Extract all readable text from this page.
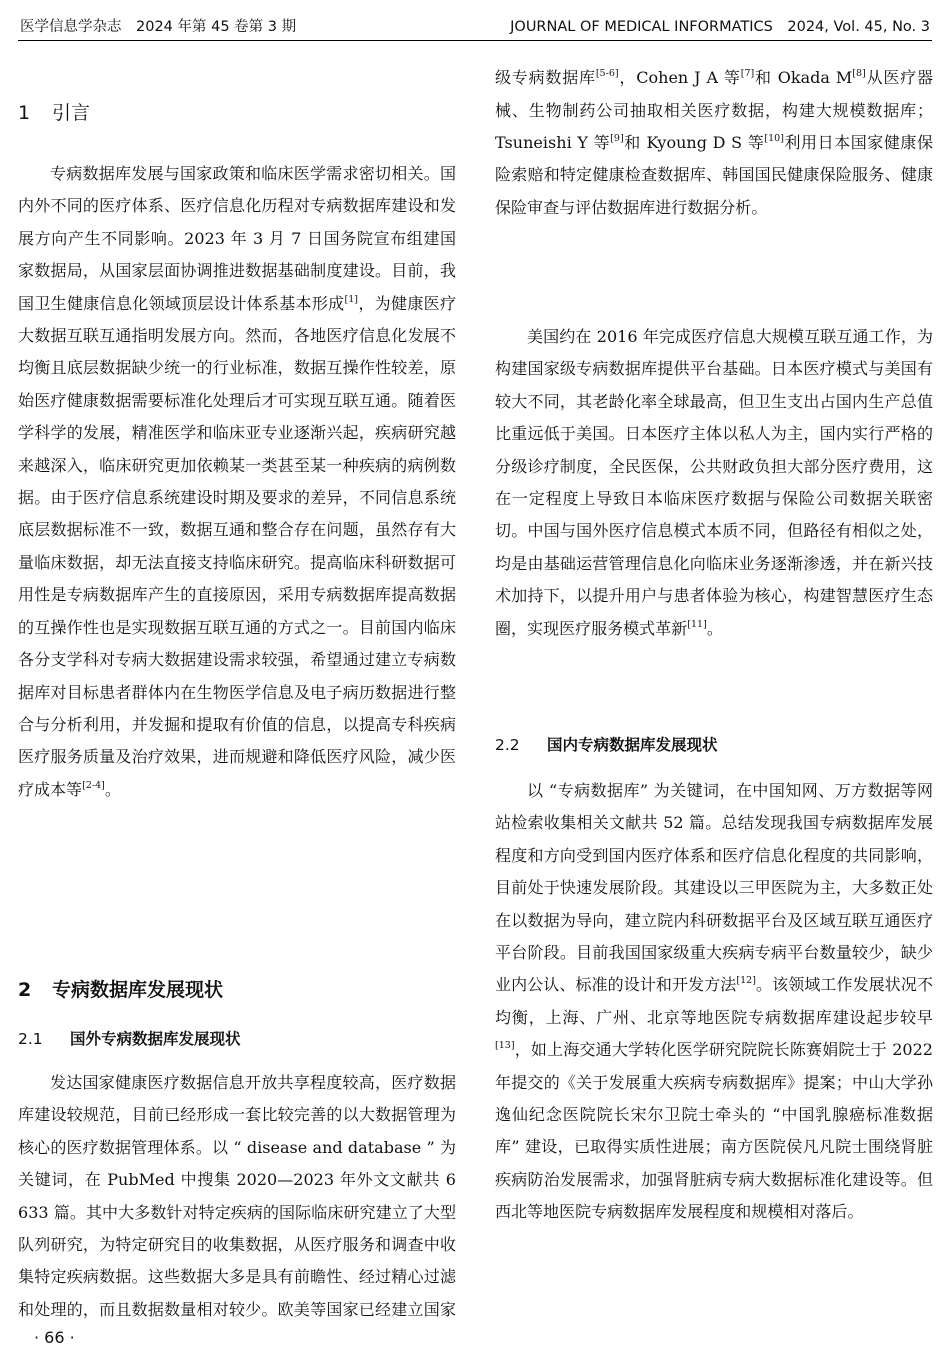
医学信息学杂志　2024 年第 45 卷第 3 期	JOURNAL OF MEDICAL INFORMATICS　2024, Vol. 45, No. 3
1 引言

专病数据库发展与国家政策和临床医学需求密切相关。国内外不同的医疗体系、医疗信息化历程对专病数据库建设和发展方向产生不同影响。2023 年 3 月 7 日国务院宣布组建国家数据局，从国家层面协调推进数据基础制度建设。目前，我国卫生健康信息化领域顶层设计体系基本形成[1]，为健康医疗大数据互联互通指明发展方向。然而，各地医疗信息化发展不均衡且底层数据缺少统一的行业标准，数据互操作性较差，原始医疗健康数据需要标准化处理后才可实现互联互通。随着医学科学的发展，精准医学和临床亚专业逐渐兴起，疾病研究越来越深入，临床研究更加依赖某一类甚至某一种疾病的病例数据。由于医疗信息系统建设时期及要求的差异，不同信息系统底层数据标准不一致，数据互通和整合存在问题，虽然存有大量临床数据，却无法直接支持临床研究。提高临床科研数据可用性是专病数据库产生的直接原因，采用专病数据库提高数据的互操作性也是实现数据互联互通的方式之一。目前国内临床各分支学科对专病大数据建设需求较强，希望通过建立专病数据库对目标患者群体内在生物医学信息及电子病历数据进行整合与分析利用，并发掘和提取有价值的信息，以提高专科疾病医疗服务质量及治疗效果，进而规避和降低医疗风险，减少医疗成本等[2-4]。

2 专病数据库发展现状
2.1 国外专病数据库发展现状

发达国家健康医疗数据信息开放共享程度较高，医疗数据库建设较规范，目前已经形成一套比较完善的以大数据管理为核心的医疗数据管理体系。以 “ disease and database ” 为关键词，在 PubMed 中搜集 2020—2023 年外文文献共 6 633 篇。其中大多数针对特定疾病的国际临床研究建立了大型队列研究，为特定研究目的收集数据，从医疗服务和调查中收集特定疾病数据。这些数据大多是具有前瞻性、经过精心过滤和处理的，而且数据数量相对较少。欧美等国家已经建立国家

级专病数据库[5-6]，Cohen J A 等[7]和 Okada M[8]从医疗器械、生物制药公司抽取相关医疗数据，构建大规模数据库；Tsuneishi Y 等[9]和 Kyoung D S 等[10]利用日本国家健康保险索赔和特定健康检查数据库、韩国国民健康保险服务、健康保险审查与评估数据库进行数据分析。

美国约在 2016 年完成医疗信息大规模互联互通工作，为构建国家级专病数据库提供平台基础。日本医疗模式与美国有较大不同，其老龄化率全球最高，但卫生支出占国内生产总值比重远低于美国。日本医疗主体以私人为主，国内实行严格的分级诊疗制度，全民医保，公共财政负担大部分医疗费用，这在一定程度上导致日本临床医疗数据与保险公司数据关联密切。中国与国外医疗信息模式本质不同，但路径有相似之处，均是由基础运营管理信息化向临床业务逐渐渗透，并在新兴技术加持下，以提升用户与患者体验为核心，构建智慧医疗生态圈，实现医疗服务模式革新[11]。

2.2 国内专病数据库发展现状

以 “专病数据库” 为关键词，在中国知网、万方数据等网站检索收集相关文献共 52 篇。总结发现我国专病数据库发展程度和方向受到国内医疗体系和医疗信息化程度的共同影响，目前处于快速发展阶段。其建设以三甲医院为主，大多数正处在以数据为导向，建立院内科研数据平台及区域互联互通医疗平台阶段。目前我国国家级重大疾病专病平台数量较少，缺少业内公认、标准的设计和开发方法[12]。该领域工作发展状况不均衡，上海、广州、北京等地医院专病数据库建设起步较早[13]，如上海交通大学转化医学研究院院长陈赛娟院士于 2022 年提交的《关于发展重大疾病专病数据库》提案；中山大学孙逸仙纪念医院院长宋尔卫院士牵头的 “中国乳腺癌标准数据库” 建设，已取得实质性进展；南方医院侯凡凡院士围绕肾脏疾病防治发展需求，加强肾脏病专病大数据标准化建设等。但西北等地医院专病数据库发展程度和规模相对落后。

· 66 ·
